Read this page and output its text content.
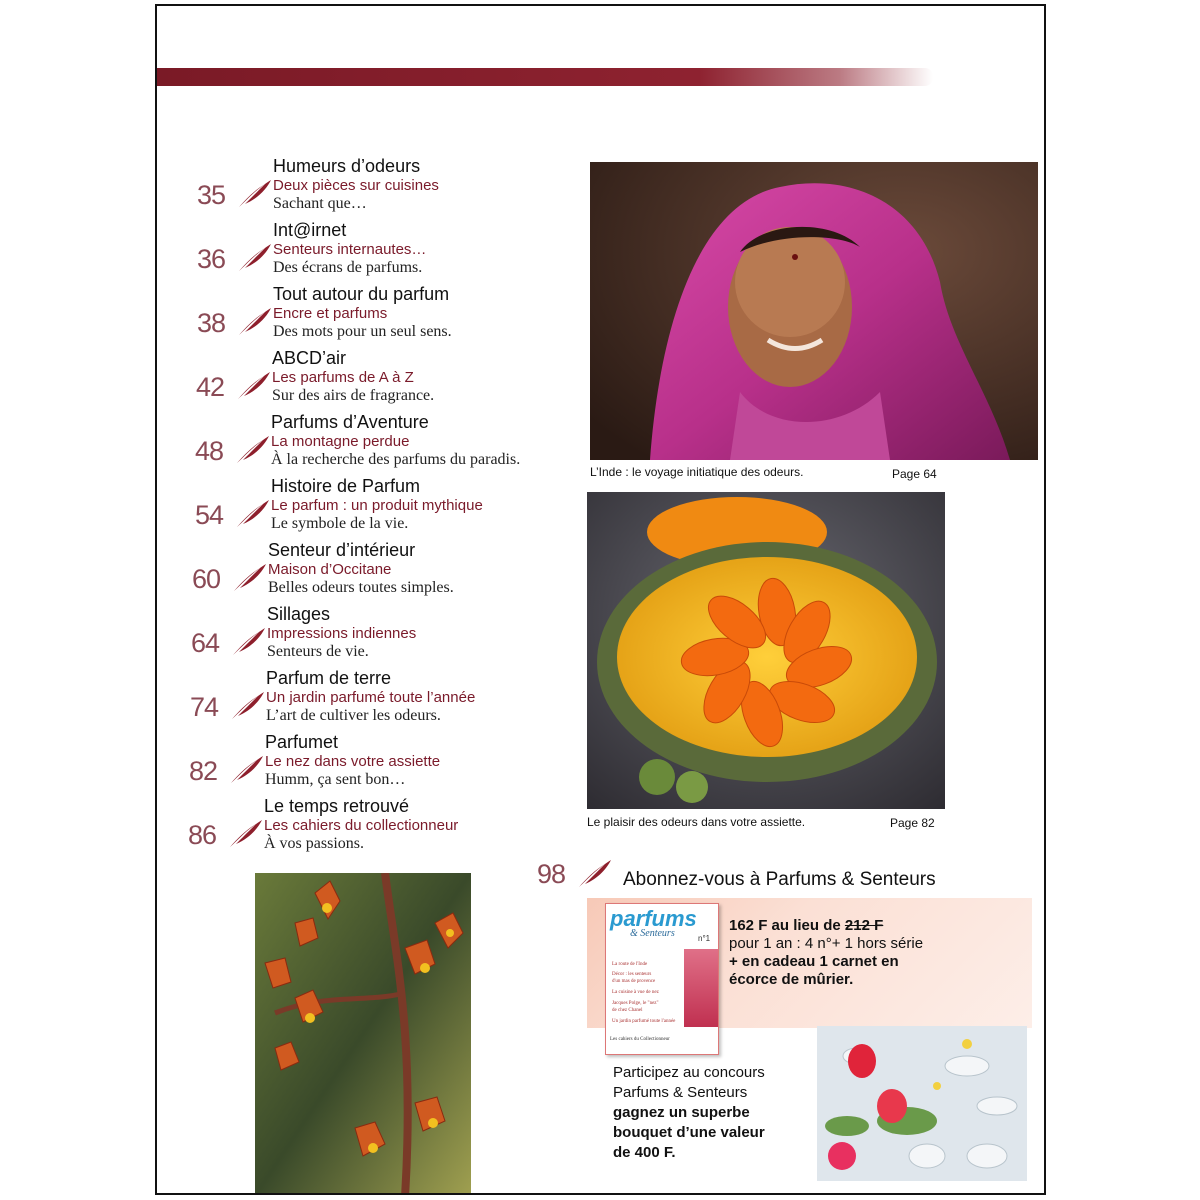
35
Humeurs d’odeurs
Deux pièces sur cuisines
Sachant que…
36
Int@irnet
Senteurs internautes…
Des écrans de parfums.
38
Tout autour du parfum
Encre et parfums
Des mots pour un seul sens.
42
ABCD’air
Les parfums de A à Z
Sur des airs de fragrance.
48
Parfums d’Aventure
La montagne perdue
À la recherche des parfums du paradis.
54
Histoire de Parfum
Le parfum : un produit mythique
Le symbole de la vie.
60
Senteur d’intérieur
Maison d’Occitane
Belles odeurs toutes simples.
64
Sillages
Impressions indiennes
Senteurs de vie.
74
Parfum de terre
Un jardin parfumé toute l’année
L’art de cultiver les odeurs.
82
Parfumet
Le nez dans votre assiette
Humm, ça sent bon…
86
Le temps retrouvé
Les cahiers du collectionneur
À vos passions.
L’Inde : le voyage initiatique des odeurs.	Page 64
Le plaisir des odeurs dans votre assiette.	Page 82
98	Abonnez-vous à Parfums & Senteurs
parfums
& Senteurs	n°1
La route de l'Inde
Décor : les senteurs
d'un mas de provence
La cuisine à vue de nez
Jacques Polge, le "nez"
de chez Chanel
Un jardin parfumé toute l'année
Les cahiers du Collectionneur
162 F au lieu de 212 F
pour 1 an : 4 n°+ 1 hors série
+ en cadeau 1 carnet en
écorce de mûrier.
Participez au concours
Parfums & Senteurs
gagnez un superbe
bouquet d’une valeur
de 400 F.
